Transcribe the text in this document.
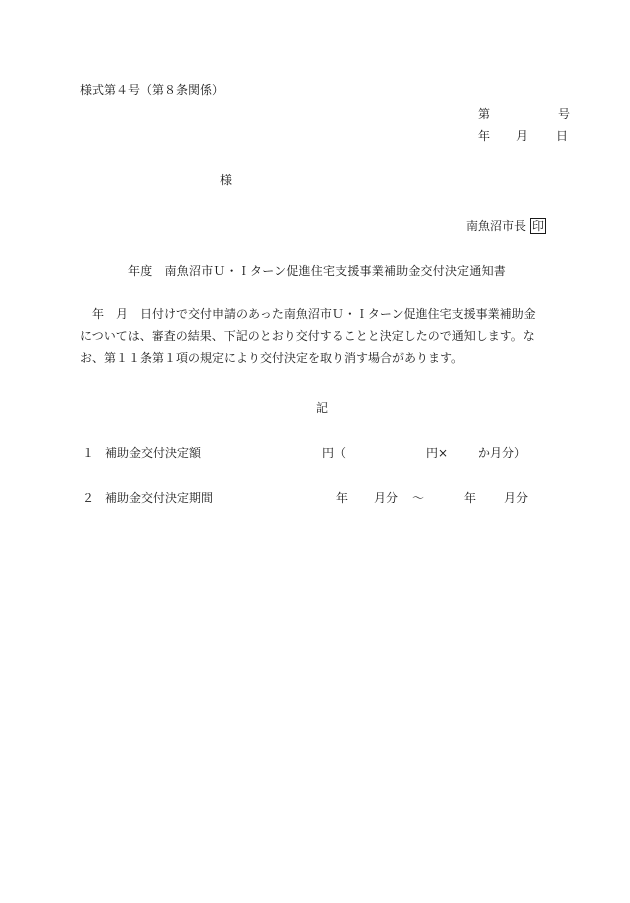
様式第４号（第８条関係）
第	号
年 月 日
様
南魚沼市長 印
年度　南魚沼市Ｕ・Ｉターン促進住宅支援事業補助金交付決定通知書
　年　月　日付けで交付申請のあった南魚沼市Ｕ・Ｉターン促進住宅支援事業補助金
については、審査の結果、下記のとおり交付することと決定したので通知します。な
お、第１１条第１項の規定により交付決定を取り消す場合があります。
記
１ 補助金交付決定額	円（	円× か月分）
２ 補助金交付決定期間	年 月分 ～	年 月分
